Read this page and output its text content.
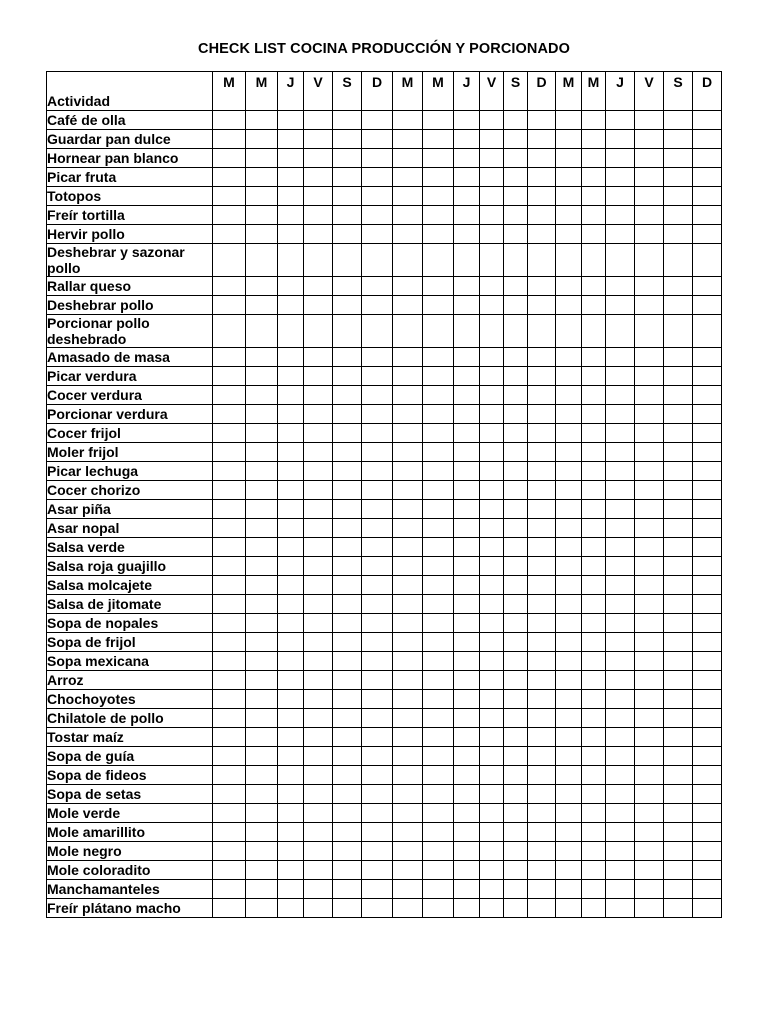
CHECK LIST COCINA PRODUCCIÓN Y PORCIONADO
Actividad	M	M	J	V	S	D	M	M	J	V	S	D	M	M	J	V	S	D
Café de olla																		
Guardar pan dulce																		
Hornear pan blanco																		
Picar fruta																		
Totopos																		
Freír tortilla																		
Hervir pollo																		
Deshebrar y sazonar pollo																		
Rallar queso																		
Deshebrar pollo																		
Porcionar pollo deshebrado																		
Amasado de masa																		
Picar verdura																		
Cocer verdura																		
Porcionar verdura																		
Cocer frijol																		
Moler frijol																		
Picar lechuga																		
Cocer chorizo																		
Asar piña																		
Asar nopal																		
Salsa verde																		
Salsa roja guajillo																		
Salsa molcajete																		
Salsa de jitomate																		
Sopa de nopales																		
Sopa de frijol																		
Sopa mexicana																		
Arroz																		
Chochoyotes																		
Chilatole de pollo																		
Tostar maíz																		
Sopa de guía																		
Sopa de fideos																		
Sopa de setas																		
Mole verde																		
Mole amarillito																		
Mole negro																		
Mole coloradito																		
Manchamanteles																		
Freír plátano macho																		
